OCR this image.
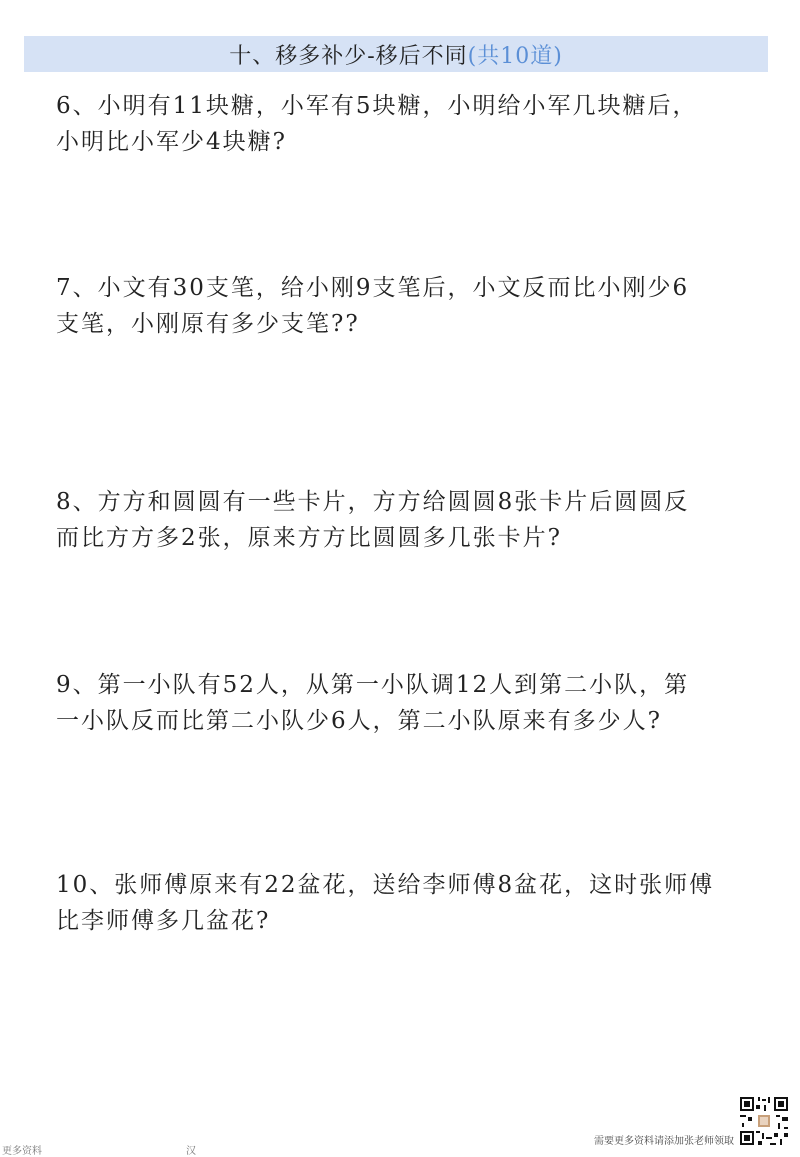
十、移多补少-移后不同 (共10道)

6、小明有11块糖，小军有5块糖，小明给小军几块糖后，
小明比小军少4块糖?

7、小文有30支笔，给小刚9支笔后，小文反而比小刚少6
支笔，小刚原有多少支笔??

8、方方和圆圆有一些卡片，方方给圆圆8张卡片后圆圆反
而比方方多2张，原来方方比圆圆多几张卡片?

9、第一小队有52人，从第一小队调12人到第二小队，第
一小队反而比第二小队少6人，第二小队原来有多少人?

10、张师傅原来有22盆花，送给李师傅8盆花，这时张师傅
比李师傅多几盆花?

更多资料	汉
需要更多资料请添加张老师领取
